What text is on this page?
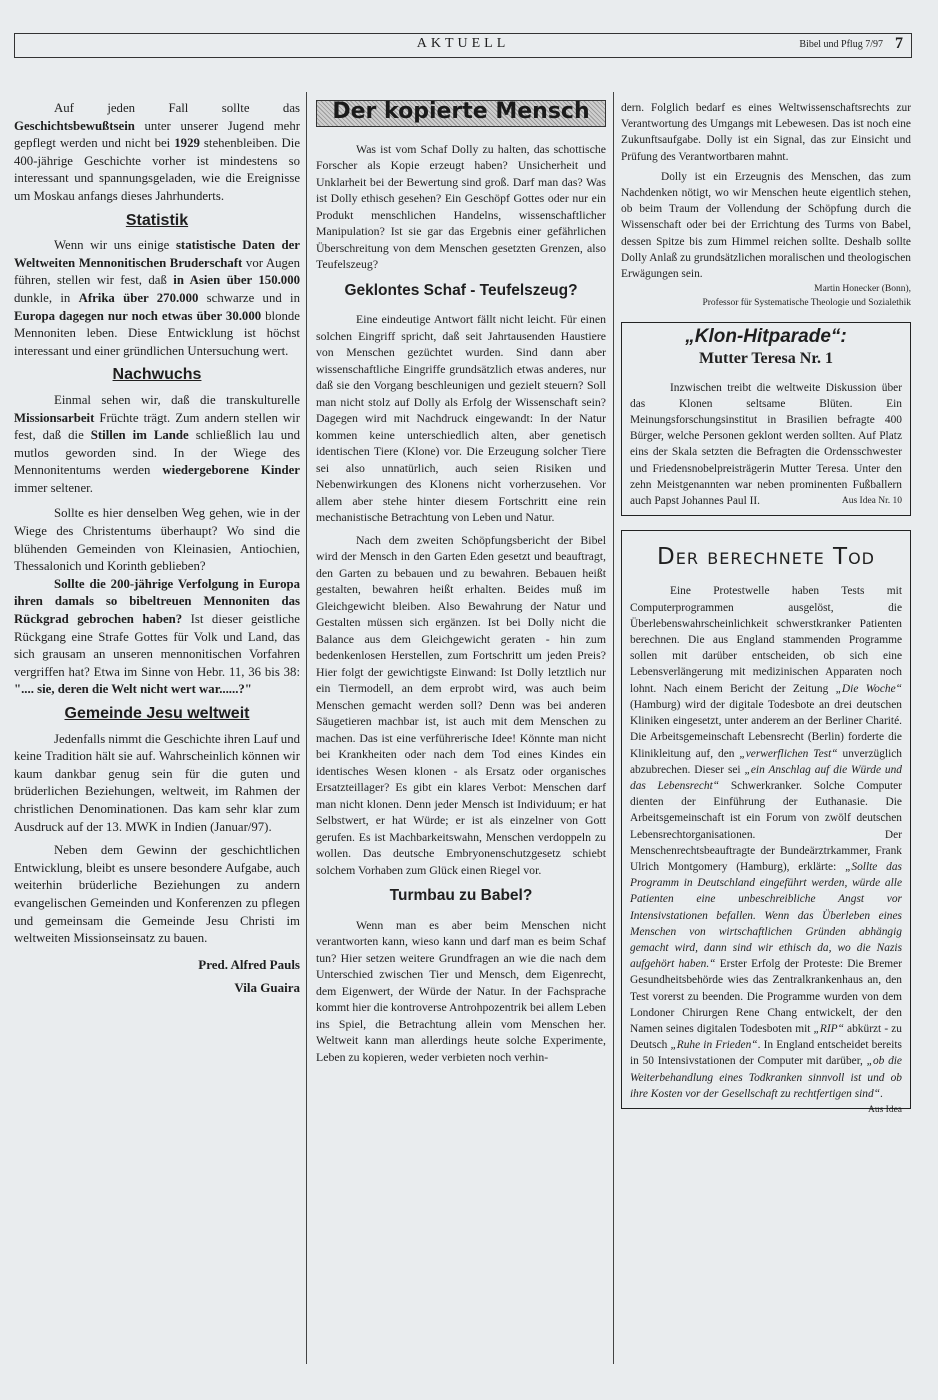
AKTUELL	Bibel und Pflug 7/97 7

Auf jeden Fall sollte das Geschichtsbewußtsein unter unserer Jugend mehr gepflegt werden und nicht bei 1929 stehenbleiben. Die 400-jährige Geschichte vorher ist mindestens so interessant und spannungsgeladen, wie die Ereignisse um Moskau anfangs dieses Jahrhunderts.

Statistik

Wenn wir uns einige statistische Daten der Weltweiten Mennonitischen Bruderschaft vor Augen führen, stellen wir fest, daß in Asien über 150.000 dunkle, in Afrika über 270.000 schwarze und in Europa dagegen nur noch etwas über 30.000 blonde Mennoniten leben. Diese Entwicklung ist höchst interessant und einer gründlichen Untersuchung wert.

Nachwuchs

Einmal sehen wir, daß die transkulturelle Missionsarbeit Früchte trägt. Zum andern stellen wir fest, daß die Stillen im Lande schließlich lau und mutlos geworden sind. In der Wiege des Mennonitentums werden wiedergeborene Kinder immer seltener.

Sollte es hier denselben Weg gehen, wie in der Wiege des Christentums überhaupt? Wo sind die blühenden Gemeinden von Kleinasien, Antiochien, Thessalonich und Korinth geblieben?

Sollte die 200-jährige Verfolgung in Europa ihren damals so bibeltreuen Mennoniten das Rückgrad gebrochen haben? Ist dieser geistliche Rückgang eine Strafe Gottes für Volk und Land, das sich grausam an unseren mennonitischen Vorfahren vergriffen hat? Etwa im Sinne von Hebr. 11, 36 bis 38: ".... sie, deren die Welt nicht wert war......?"

Gemeinde Jesu weltweit

Jedenfalls nimmt die Geschichte ihren Lauf und keine Tradition hält sie auf. Wahrscheinlich können wir kaum dankbar genug sein für die guten und brüderlichen Beziehungen, weltweit, im Rahmen der christlichen Denominationen. Das kam sehr klar zum Ausdruck auf der 13. MWK in Indien (Januar/97).

Neben dem Gewinn der geschichtlichen Entwicklung, bleibt es unsere besondere Aufgabe, auch weiterhin brüderliche Beziehungen zu andern evangelischen Gemeinden und Konferenzen zu pflegen und gemeinsam die Gemeinde Jesu Christi im weltweiten Missionseinsatz zu bauen.

Pred. Alfred Pauls

Vila Guaira

Der kopierte Mensch

Was ist vom Schaf Dolly zu halten, das schottische Forscher als Kopie erzeugt haben? Unsicherheit und Unklarheit bei der Bewertung sind groß. Darf man das? Was ist Dolly ethisch gesehen? Ein Geschöpf Gottes oder nur ein Produkt menschlichen Handelns, wissenschaftlicher Manipulation? Ist sie gar das Ergebnis einer gefährlichen Überschreitung von dem Menschen gesetzten Grenzen, also Teufelszeug?

Geklontes Schaf - Teufelszeug?

Eine eindeutige Antwort fällt nicht leicht. Für einen solchen Eingriff spricht, daß seit Jahrtausenden Haustiere von Menschen gezüchtet wurden. Sind dann aber wissenschaftliche Eingriffe grundsätzlich etwas anderes, nur daß sie den Vorgang beschleunigen und gezielt steuern? Soll man nicht stolz auf Dolly als Erfolg der Wissenschaft sein? Dagegen wird mit Nachdruck eingewandt: In der Natur kommen keine unterschiedlich alten, aber genetisch identischen Tiere (Klone) vor. Die Erzeugung solcher Tiere sei also unnatürlich, auch seien Risiken und Nebenwirkungen des Klonens nicht vorherzusehen. Vor allem aber stehe hinter diesem Fortschritt eine rein mechanistische Betrachtung von Leben und Natur.

Nach dem zweiten Schöpfungsbericht der Bibel wird der Mensch in den Garten Eden gesetzt und beauftragt, den Garten zu bebauen und zu bewahren. Bebauen heißt gestalten, bewahren heißt erhalten. Beides muß im Gleichgewicht bleiben. Also Bewahrung der Natur und Gestalten müssen sich ergänzen. Ist bei Dolly nicht die Balance aus dem Gleichgewicht geraten - hin zum bedenkenlosen Herstellen, zum Fortschritt um jeden Preis? Hier folgt der gewichtigste Einwand: Ist Dolly letztlich nur ein Tiermodell, an dem erprobt wird, was auch beim Menschen gemacht werden soll? Denn was bei anderen Säugetieren machbar ist, ist auch mit dem Menschen zu machen. Das ist eine verführerische Idee! Könnte man nicht bei Krankheiten oder nach dem Tod eines Kindes ein identisches Wesen klonen - als Ersatz oder organisches Ersatzteillager? Es gibt ein klares Verbot: Menschen darf man nicht klonen. Denn jeder Mensch ist Individuum; er hat Selbstwert, er hat Würde; er ist als einzelner von Gott gerufen. Es ist Machbarkeitswahn, Menschen verdoppeln zu wollen. Das deutsche Embryonenschutzgesetz schiebt solchem Vorhaben zum Glück einen Riegel vor.

Turmbau zu Babel?

Wenn man es aber beim Menschen nicht verantworten kann, wieso kann und darf man es beim Schaf tun? Hier setzen weitere Grundfragen an wie die nach dem Unterschied zwischen Tier und Mensch, dem Eigenrecht, dem Eigenwert, der Würde der Natur. In der Fachsprache kommt hier die kontroverse Antrohpozentrik bei allem Leben ins Spiel, die Betrachtung allein vom Menschen her. Weltweit kann man allerdings heute solche Experimente, Leben zu kopieren, weder verbieten noch verhin-

dern. Folglich bedarf es eines Weltwissenschaftsrechts zur Verantwortung des Umgangs mit Lebewesen. Das ist noch eine Zukunftsaufgabe. Dolly ist ein Signal, das zur Einsicht und Prüfung des Verantwortbaren mahnt.

Dolly ist ein Erzeugnis des Menschen, das zum Nachdenken nötigt, wo wir Menschen heute eigentlich stehen, ob beim Traum der Vollendung der Schöpfung durch die Wissenschaft oder bei der Errichtung des Turms von Babel, dessen Spitze bis zum Himmel reichen sollte. Deshalb sollte Dolly Anlaß zu grundsätzlichen moralischen und theologischen Erwägungen sein.

Martin Honecker (Bonn),

Professor für Systematische Theologie und Sozialethik

„Klon-Hitparade“:

Mutter Teresa Nr. 1

Inzwischen treibt die weltweite Diskussion über das Klonen seltsame Blüten. Ein Meinungsforschungsinstitut in Brasilien befragte 400 Bürger, welche Personen geklont werden sollten. Auf Platz eins der Skala setzten die Befragten die Ordensschwester und Friedensnobelpreisträgerin Mutter Teresa. Unter den zehn Meistgenannten war neben prominenten Fußballern auch Papst Johannes Paul II.	Aus Idea Nr. 10

Der berechnete Tod

Eine Protestwelle haben Tests mit Computerprogrammen ausgelöst, die Überlebenswahrscheinlichkeit schwerstkranker Patienten berechnen. Die aus England stammenden Programme sollen mit darüber entscheiden, ob sich eine Lebensverlängerung mit medizinischen Apparaten noch lohnt. Nach einem Bericht der Zeitung „Die Woche“ (Hamburg) wird der digitale Todesbote an drei deutschen Kliniken eingesetzt, unter anderem an der Berliner Charité. Die Arbeitsgemeinschaft Lebensrecht (Berlin) forderte die Klinikleitung auf, den „verwerflichen Test“ unverzüglich abzubrechen. Dieser sei „ein Anschlag auf die Würde und das Lebensrecht“ Schwerkranker. Solche Computer dienten der Einführung der Euthanasie. Die Arbeitsgemeinschaft ist ein Forum von zwölf deutschen Lebensrechtorganisationen. Der Menschenrechtsbeauftragte der Bundeärztrkammer, Frank Ulrich Montgomery (Hamburg), erklärte: „Sollte das Programm in Deutschland eingeführt werden, würde alle Patienten eine unbeschreibliche Angst vor Intensivstationen befallen. Wenn das Überleben eines Menschen von wirtschaftlichen Gründen abhängig gemacht wird, dann sind wir ethisch da, wo die Nazis aufgehört haben.“ Erster Erfolg der Proteste: Die Bremer Gesundheitsbehörde wies das Zentralkrankenhaus an, den Test vorerst zu beenden. Die Programme wurden von dem Londoner Chirurgen Rene Chang entwickelt, der den Namen seines digitalen Todesboten mit „RIP“ abkürzt - zu Deutsch „Ruhe in Frieden“. In England entscheidet bereits in 50 Intensivstationen der Computer mit darüber, „ob die Weiterbehandlung eines Todkranken sinnvoll ist und ob ihre Kosten vor der Gesellschaft zu rechtfertigen sind“.
Aus Idea
